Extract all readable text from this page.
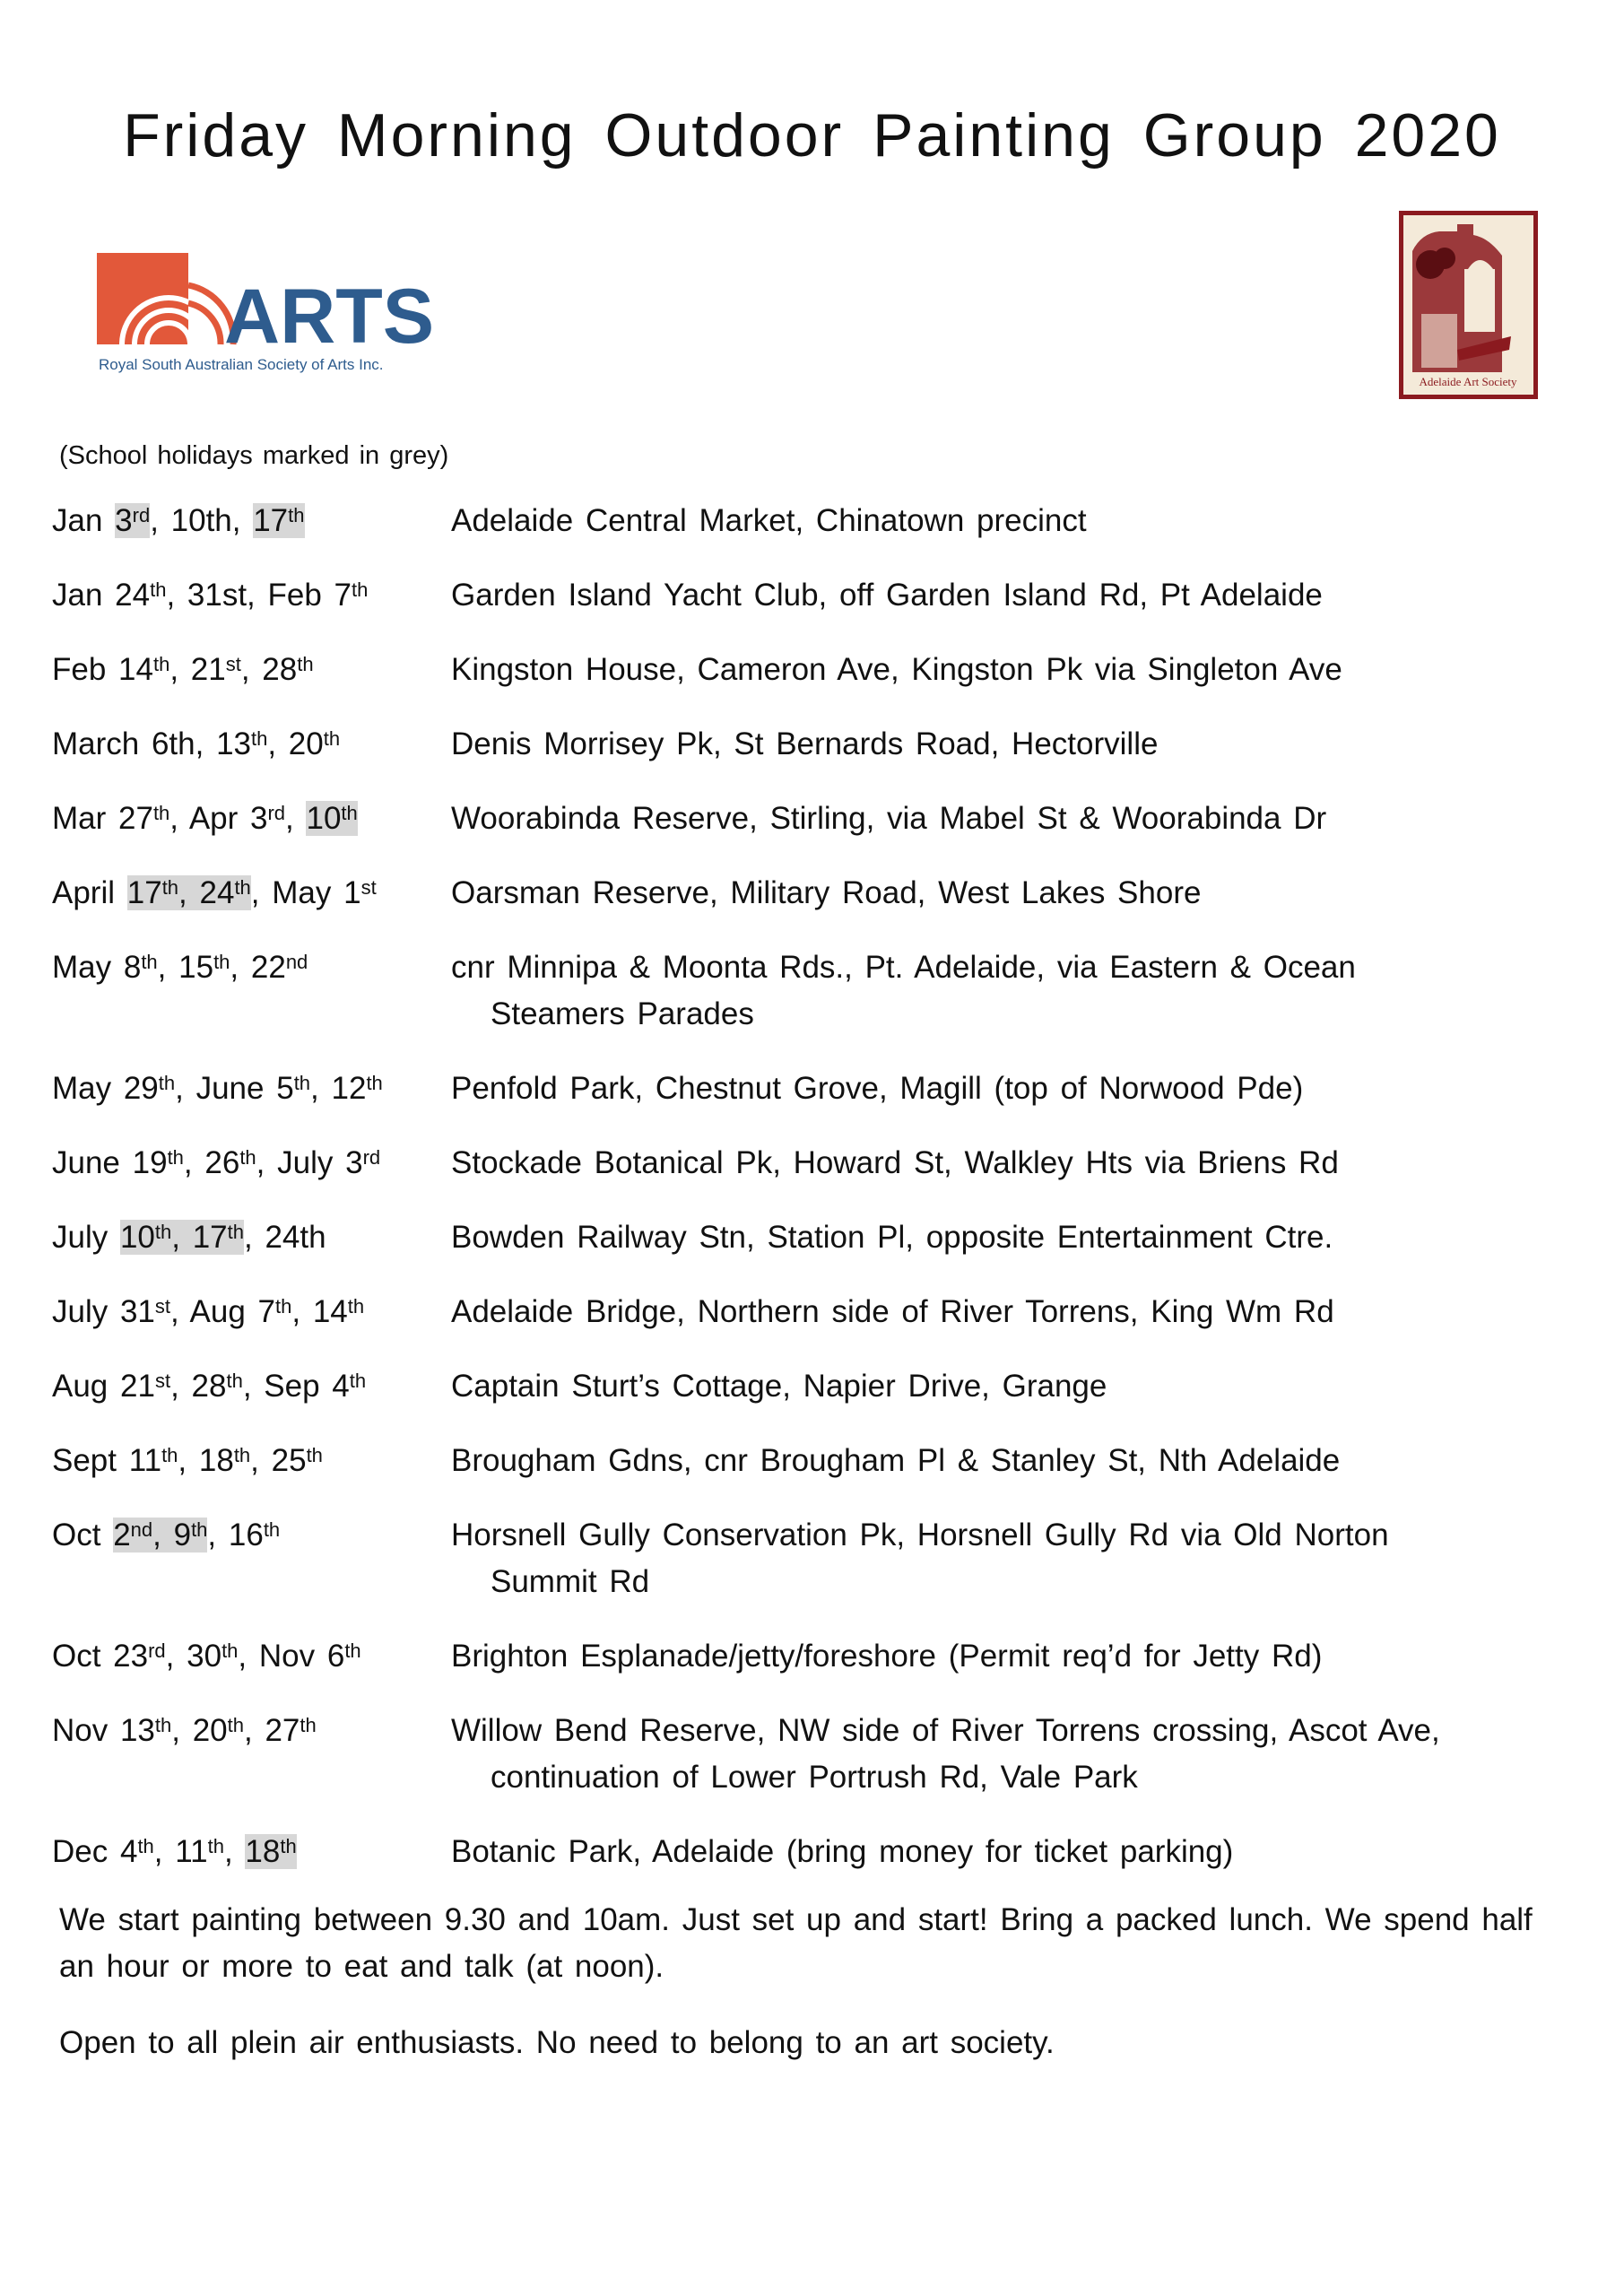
Friday Morning Outdoor Painting Group 2020
ARTS
Royal South Australian Society of Arts Inc.
Adelaide Art Society
(School holidays marked in grey)
Jan 3rd, 10th, 17th	Adelaide Central Market, Chinatown precinct
Jan 24th, 31st, Feb 7th	Garden Island Yacht Club, off Garden Island Rd, Pt Adelaide
Feb 14th, 21st, 28th	Kingston House, Cameron Ave, Kingston Pk via Singleton Ave
March 6th, 13th, 20th	Denis Morrisey Pk, St Bernards Road, Hectorville
Mar 27th, Apr 3rd, 10th	Woorabinda Reserve, Stirling, via Mabel St & Woorabinda Dr
April 17th, 24th, May 1st	Oarsman Reserve, Military Road, West Lakes Shore
May 8th, 15th, 22nd	cnr Minnipa & Moonta Rds., Pt. Adelaide, via Eastern & Ocean
Steamers Parades
May 29th, June 5th, 12th	Penfold Park, Chestnut Grove, Magill (top of Norwood Pde)
June 19th, 26th, July 3rd	Stockade Botanical Pk, Howard St, Walkley Hts via Briens Rd
July 10th, 17th, 24th	Bowden Railway Stn, Station Pl, opposite Entertainment Ctre.
July 31st, Aug 7th, 14th	Adelaide Bridge, Northern side of River Torrens, King Wm Rd
Aug 21st, 28th, Sep 4th	Captain Sturt’s Cottage, Napier Drive, Grange
Sept 11th, 18th, 25th	Brougham Gdns, cnr Brougham Pl & Stanley St, Nth Adelaide
Oct 2nd, 9th, 16th	Horsnell Gully Conservation Pk, Horsnell Gully Rd via Old Norton
Summit Rd
Oct 23rd, 30th, Nov 6th	Brighton Esplanade/jetty/foreshore (Permit req’d for Jetty Rd)
Nov 13th, 20th, 27th	Willow Bend Reserve, NW side of River Torrens crossing, Ascot Ave,
continuation of Lower Portrush Rd, Vale Park
Dec 4th, 11th, 18th	Botanic Park, Adelaide (bring money for ticket parking)
We start painting between 9.30 and 10am. Just set up and start! Bring a packed lunch. We spend half an hour or more to eat and talk (at noon).
Open to all plein air enthusiasts. No need to belong to an art society.
